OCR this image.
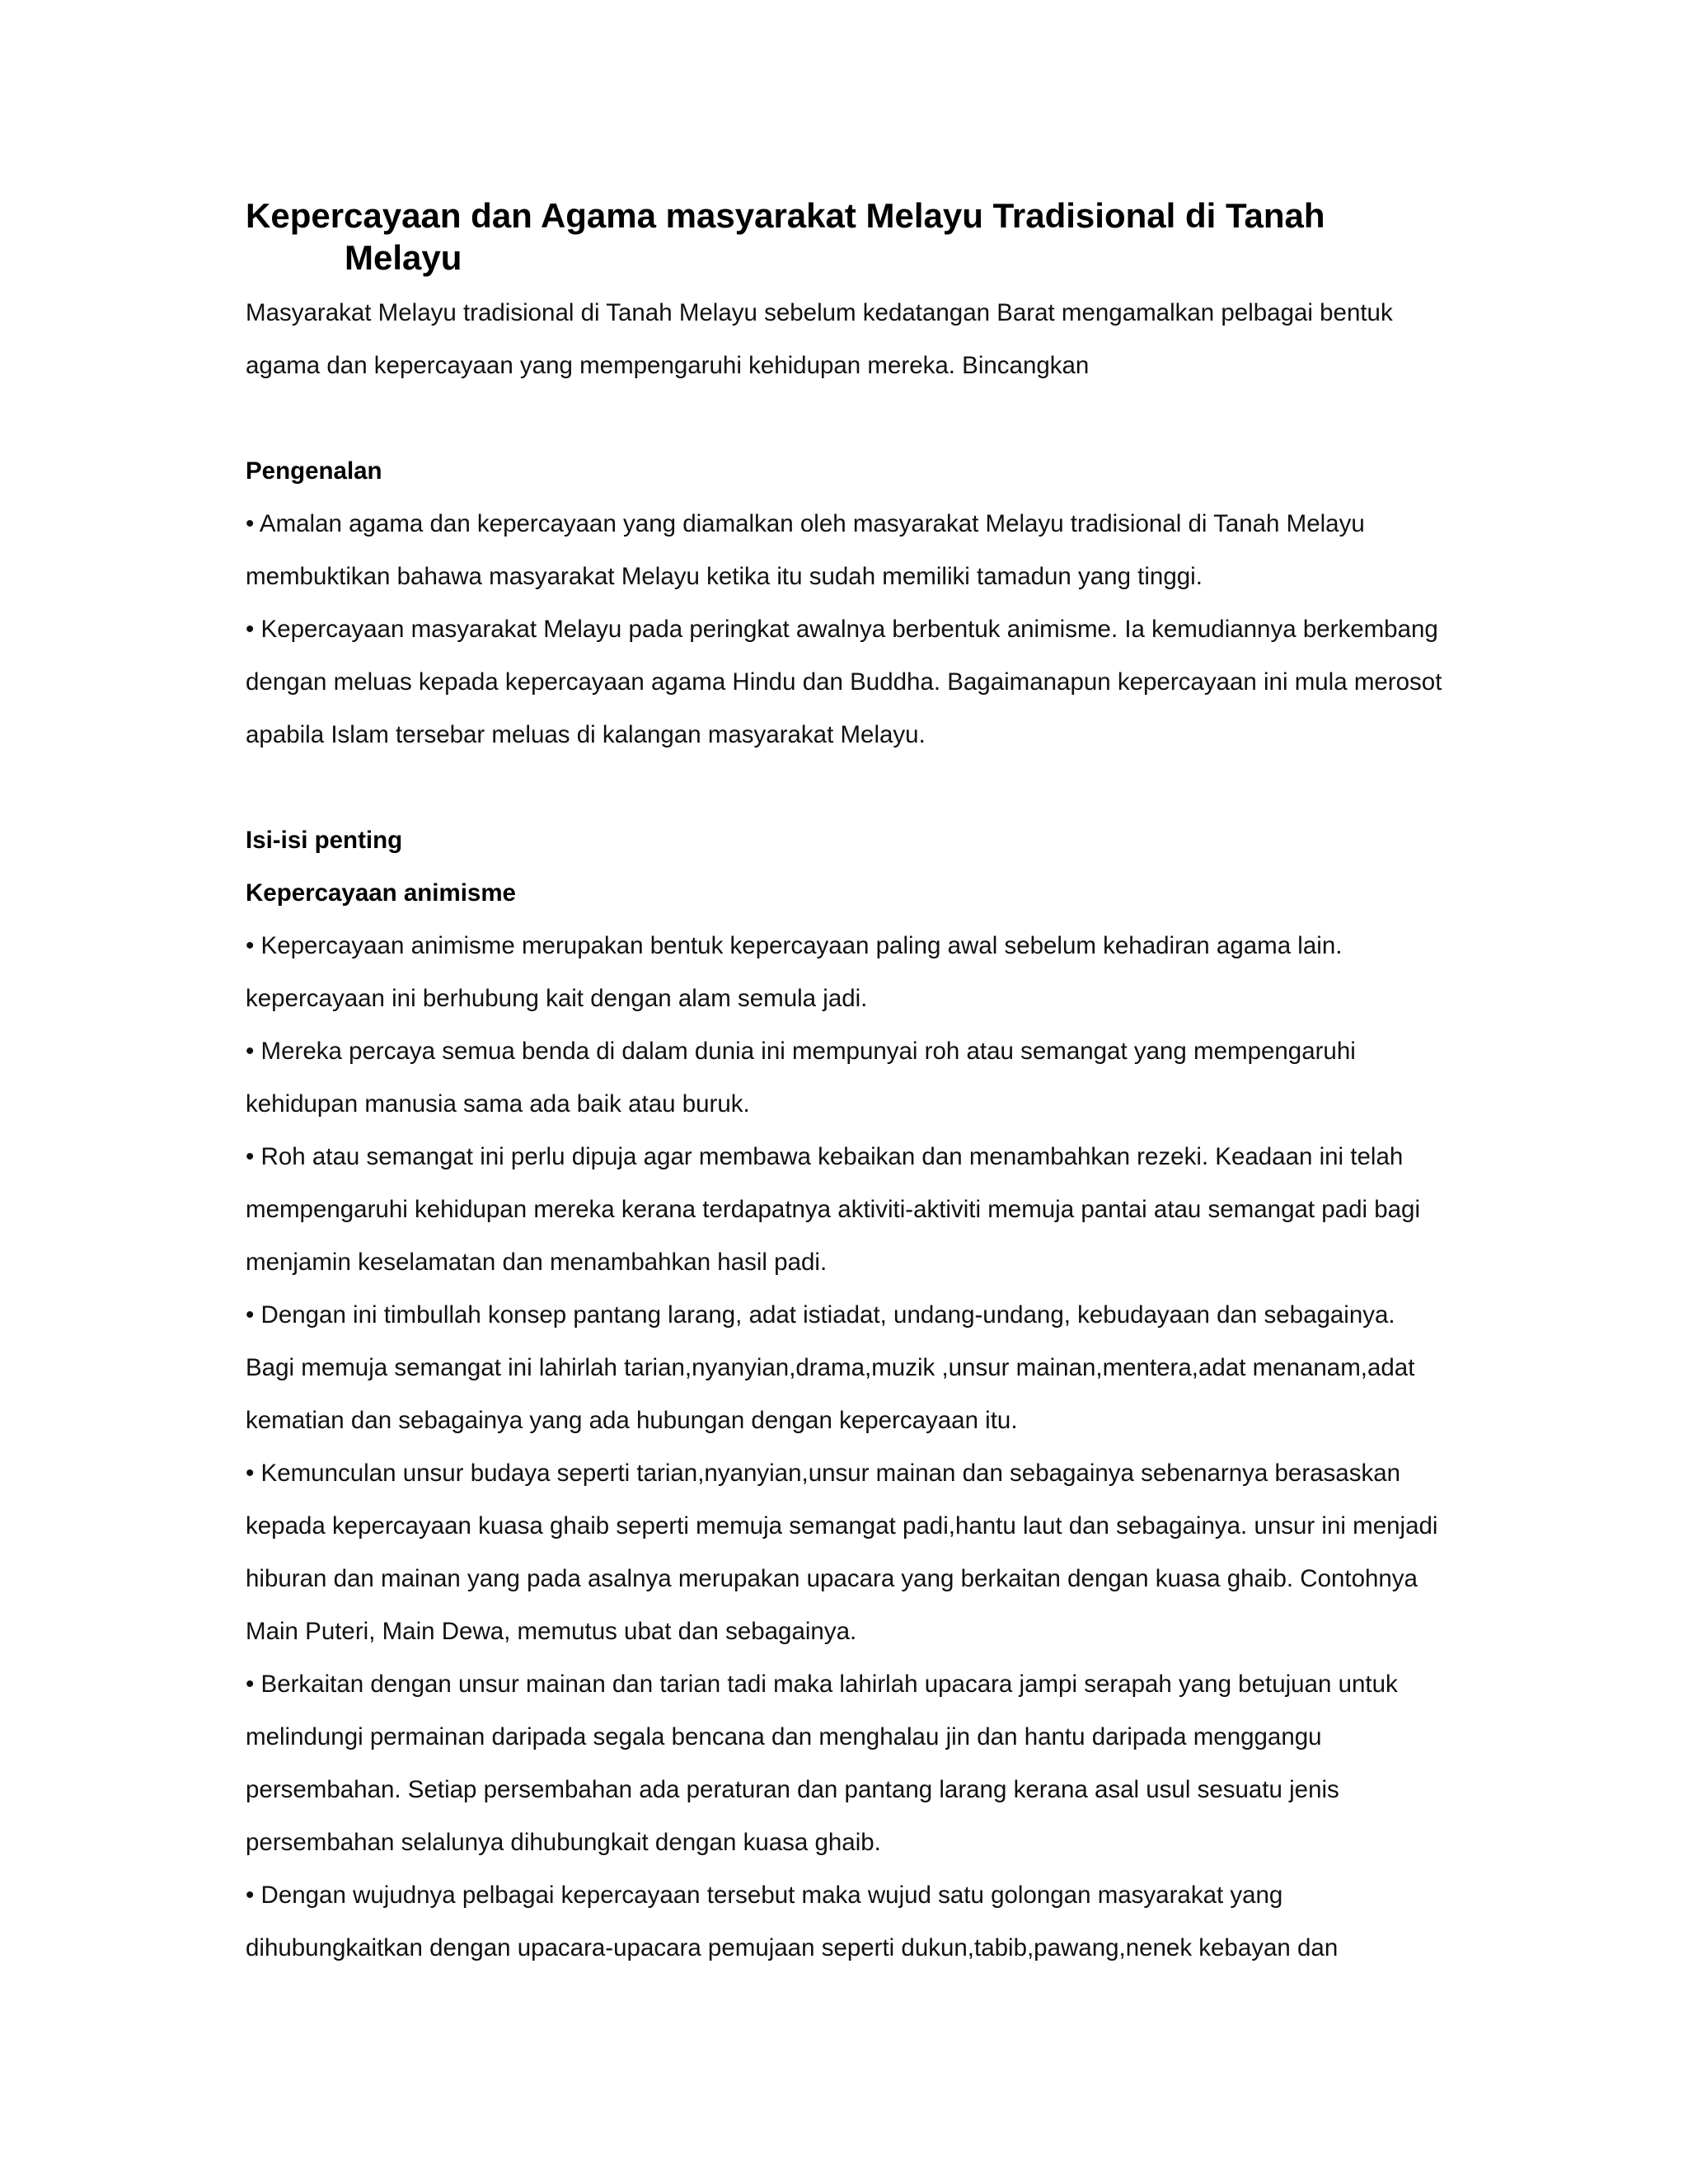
Kepercayaan dan Agama masyarakat Melayu Tradisional di Tanah Melayu

Masyarakat Melayu tradisional di Tanah Melayu sebelum kedatangan Barat mengamalkan pelbagai bentuk agama dan kepercayaan yang mempengaruhi kehidupan mereka. Bincangkan

Pengenalan

• Amalan agama dan kepercayaan yang diamalkan oleh masyarakat Melayu tradisional di Tanah Melayu membuktikan bahawa masyarakat Melayu ketika itu sudah memiliki tamadun yang tinggi.

• Kepercayaan masyarakat Melayu pada peringkat awalnya berbentuk animisme. Ia kemudiannya berkembang dengan meluas kepada kepercayaan agama Hindu dan Buddha. Bagaimanapun kepercayaan ini mula merosot apabila Islam tersebar meluas di kalangan masyarakat Melayu.

Isi-isi penting

Kepercayaan animisme

• Kepercayaan animisme merupakan bentuk kepercayaan paling awal sebelum kehadiran agama lain. kepercayaan ini berhubung kait dengan alam semula jadi.

• Mereka percaya semua benda di dalam dunia ini mempunyai roh atau semangat yang mempengaruhi kehidupan manusia sama ada baik atau buruk.

• Roh atau semangat ini perlu dipuja agar membawa kebaikan dan menambahkan rezeki. Keadaan ini telah mempengaruhi kehidupan mereka kerana terdapatnya aktiviti-aktiviti memuja pantai atau semangat padi bagi menjamin keselamatan dan menambahkan hasil padi.

• Dengan ini timbullah konsep pantang larang, adat istiadat, undang-undang, kebudayaan dan sebagainya. Bagi memuja semangat ini lahirlah tarian,nyanyian,drama,muzik ,unsur mainan,mentera,adat menanam,adat kematian dan sebagainya yang ada hubungan dengan kepercayaan itu.

• Kemunculan unsur budaya seperti tarian,nyanyian,unsur mainan dan sebagainya sebenarnya berasaskan kepada kepercayaan kuasa ghaib seperti memuja semangat padi,hantu laut dan sebagainya. unsur ini menjadi hiburan dan mainan yang pada asalnya merupakan upacara yang berkaitan dengan kuasa ghaib. Contohnya Main Puteri, Main Dewa, memutus ubat dan sebagainya.

• Berkaitan dengan unsur mainan dan tarian tadi maka lahirlah upacara jampi serapah yang betujuan untuk melindungi permainan daripada segala bencana dan menghalau jin dan hantu daripada menggangu persembahan. Setiap persembahan ada peraturan dan pantang larang kerana asal usul sesuatu jenis persembahan selalunya dihubungkait dengan kuasa ghaib.

• Dengan wujudnya pelbagai kepercayaan tersebut maka wujud satu golongan masyarakat yang dihubungkaitkan dengan upacara-upacara pemujaan seperti dukun,tabib,pawang,nenek kebayan dan
